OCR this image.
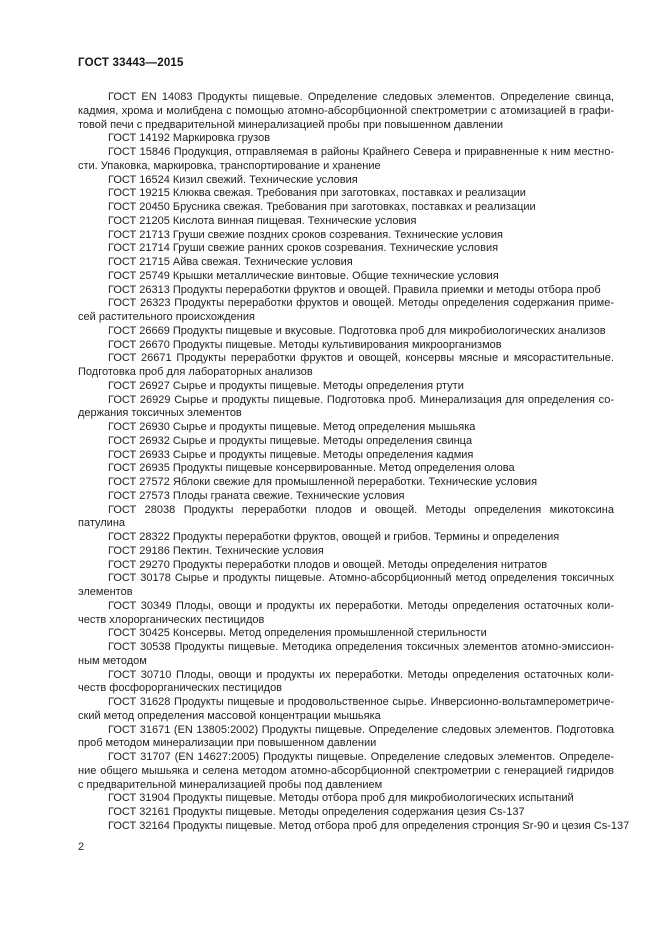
ГОСТ 33443—2015
ГОСТ EN 14083 Продукты пищевые. Определение следовых элементов. Определение свинца,
кадмия, хрома и молибдена с помощью атомно-абсорбционной спектрометрии с атомизацией в графи-
товой печи с предварительной минерализацией пробы при повышенном давлении
ГОСТ 14192 Маркировка грузов
ГОСТ 15846 Продукция, отправляемая в районы Крайнего Севера и приравненные к ним местно-
сти. Упаковка, маркировка, транспортирование и хранение
ГОСТ 16524 Кизил свежий. Технические условия
ГОСТ 19215 Клюква свежая. Требования при заготовках, поставках и реализации
ГОСТ 20450 Брусника свежая. Требования при заготовках, поставках и реализации
ГОСТ 21205 Кислота винная пищевая. Технические условия
ГОСТ 21713 Груши свежие поздних сроков созревания. Технические условия
ГОСТ 21714 Груши свежие ранних сроков созревания. Технические условия
ГОСТ 21715 Айва свежая. Технические условия
ГОСТ 25749 Крышки металлические винтовые. Общие технические условия
ГОСТ 26313 Продукты переработки фруктов и овощей. Правила приемки и методы отбора проб
ГОСТ 26323 Продукты переработки фруктов и овощей. Методы определения содержания приме-
сей растительного происхождения
ГОСТ 26669 Продукты пищевые и вкусовые. Подготовка проб для микробиологических анализов
ГОСТ 26670 Продукты пищевые. Методы культивирования микроорганизмов
ГОСТ 26671 Продукты переработки фруктов и овощей, консервы мясные и мясорастительные.
Подготовка проб для лабораторных анализов
ГОСТ 26927 Сырье и продукты пищевые. Методы определения ртути
ГОСТ 26929 Сырье и продукты пищевые. Подготовка проб. Минерализация для определения со-
держания токсичных элементов
ГОСТ 26930 Сырье и продукты пищевые. Метод определения мышьяка
ГОСТ 26932 Сырье и продукты пищевые. Методы определения свинца
ГОСТ 26933 Сырье и продукты пищевые. Методы определения кадмия
ГОСТ 26935 Продукты пищевые консервированные. Метод определения олова
ГОСТ 27572 Яблоки свежие для промышленной переработки. Технические условия
ГОСТ 27573 Плоды граната свежие. Технические условия
ГОСТ 28038 Продукты переработки плодов и овощей. Методы определения микотоксина
патулина
ГОСТ 28322 Продукты переработки фруктов, овощей и грибов. Термины и определения
ГОСТ 29186 Пектин. Технические условия
ГОСТ 29270 Продукты переработки плодов и овощей. Методы определения нитратов
ГОСТ 30178 Сырье и продукты пищевые. Атомно-абсорбционный метод определения токсичных
элементов
ГОСТ 30349 Плоды, овощи и продукты их переработки. Методы определения остаточных коли-
честв хлорорганических пестицидов
ГОСТ 30425 Консервы. Метод определения промышленной стерильности
ГОСТ 30538 Продукты пищевые. Методика определения токсичных элементов атомно-эмиссион-
ным методом
ГОСТ 30710 Плоды, овощи и продукты их переработки. Методы определения остаточных коли-
честв фосфорорганических пестицидов
ГОСТ 31628 Продукты пищевые и продовольственное сырье. Инверсионно-вольтамперометриче-
ский метод определения массовой концентрации мышьяка
ГОСТ 31671 (EN 13805:2002) Продукты пищевые. Определение следовых элементов. Подготовка
проб методом минерализации при повышенном давлении
ГОСТ 31707 (EN 14627:2005) Продукты пищевые. Определение следовых элементов. Определе-
ние общего мышьяка и селена методом атомно-абсорбционной спектрометрии с генерацией гидридов
с предварительной минерализацией пробы под давлением
ГОСТ 31904 Продукты пищевые. Методы отбора проб для микробиологических испытаний
ГОСТ 32161 Продукты пищевые. Методы определения содержания цезия Cs-137
ГОСТ 32164 Продукты пищевые. Метод отбора проб для определения стронция Sr-90 и цезия Cs-137
2
